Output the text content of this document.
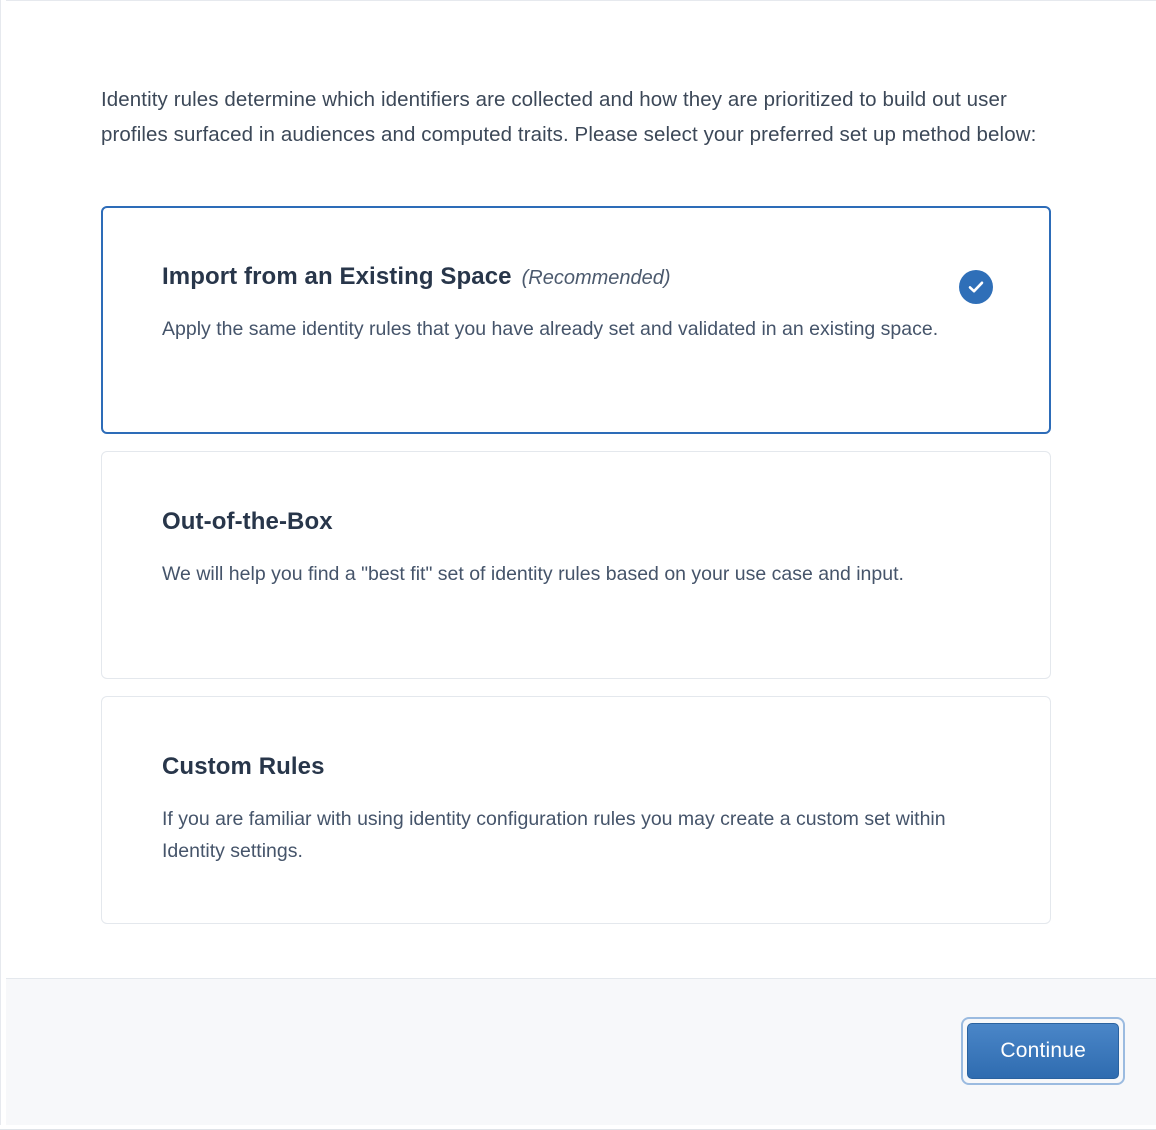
Identity rules determine which identifiers are collected and how they are prioritized to build out user profiles surfaced in audiences and computed traits. Please select your preferred set up method below:

Import from an Existing Space (Recommended)
Apply the same identity rules that you have already set and validated in an existing space.
Out-of-the-Box
We will help you find a "best fit" set of identity rules based on your use case and input.
Custom Rules
If you are familiar with using identity configuration rules you may create a custom set within Identity settings.
Continue
